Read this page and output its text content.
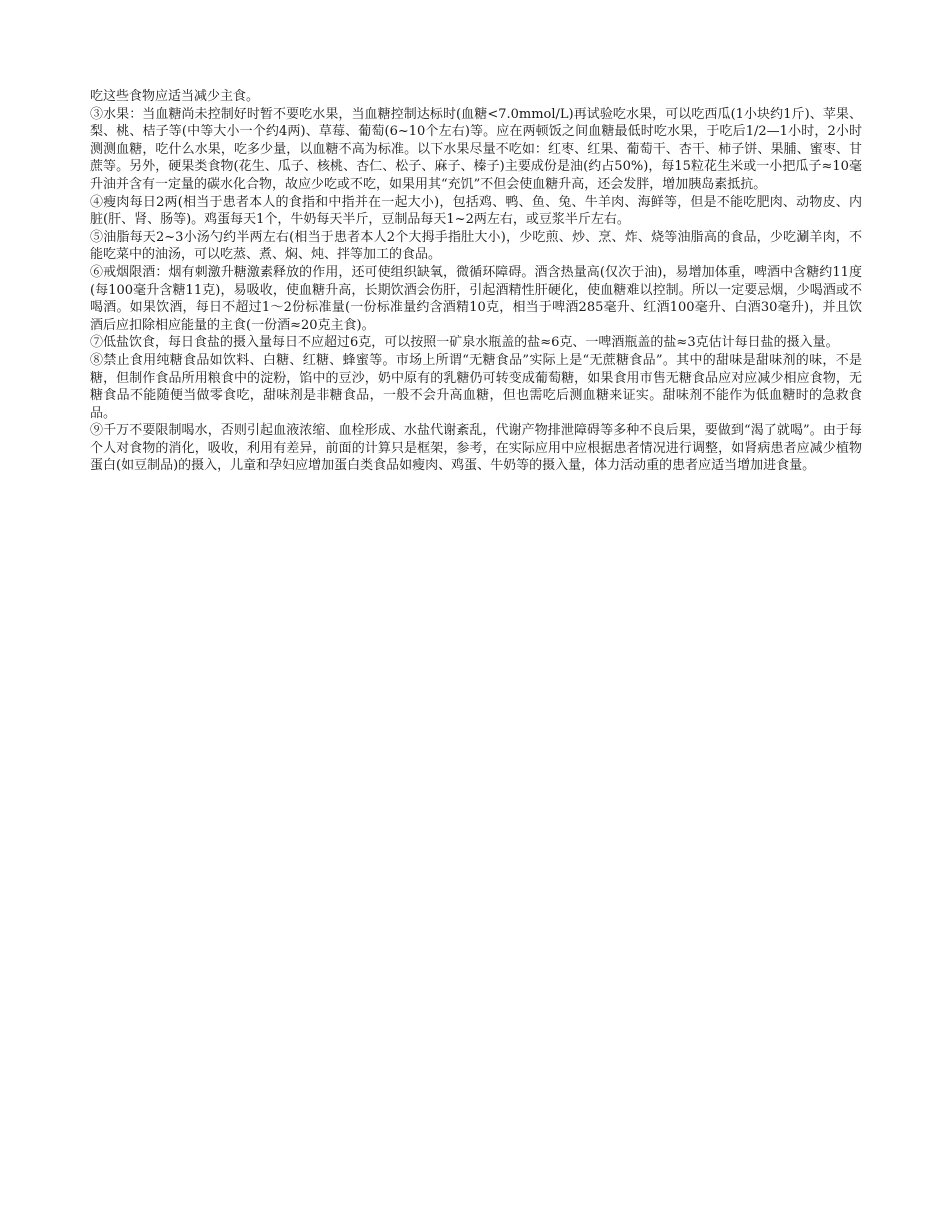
吃这些食物应适当减少主食。

③水果：当血糖尚未控制好时暂不要吃水果，当血糖控制达标时(血糖<7.0mmol/L)再试验吃水果，可以吃西瓜(1小块约1斤)、苹果、梨、桃、桔子等(中等大小一个约4两)、草莓、葡萄(6~10个左右)等。应在两顿饭之间血糖最低时吃水果，于吃后1/2—1小时，2小时测测血糖，吃什么水果，吃多少量，以血糖不高为标准。以下水果尽量不吃如：红枣、红果、葡萄干、杏干、柿子饼、果脯、蜜枣、甘蔗等。另外，硬果类食物(花生、瓜子、核桃、杏仁、松子、麻子、榛子)主要成份是油(约占50%)，每15粒花生米或一小把瓜子≈10毫升油并含有一定量的碳水化合物，故应少吃或不吃，如果用其“充饥”不但会使血糖升高，还会发胖，增加胰岛素抵抗。

④瘦肉每日2两(相当于患者本人的食指和中指并在一起大小)，包括鸡、鸭、鱼、兔、牛羊肉、海鲜等，但是不能吃肥肉、动物皮、内脏(肝、肾、肠等)。鸡蛋每天1个，牛奶每天半斤，豆制品每天1~2两左右，或豆浆半斤左右。

⑤油脂每天2~3小汤勺约半两左右(相当于患者本人2个大拇手指肚大小)，少吃煎、炒、烹、炸、烧等油脂高的食品，少吃涮羊肉，不能吃菜中的油汤，可以吃蒸、煮、焖、炖、拌等加工的食品。

⑥戒烟限酒：烟有刺激升糖激素释放的作用，还可使组织缺氧，微循环障碍。酒含热量高(仅次于油)，易增加体重，啤酒中含糖约11度(每100毫升含糖11克)，易吸收，使血糖升高，长期饮酒会伤肝，引起酒精性肝硬化，使血糖难以控制。所以一定要忌烟，少喝酒或不喝酒。如果饮酒，每日不超过1～2份标准量(一份标准量约含酒精10克，相当于啤酒285毫升、红酒100毫升、白酒30毫升)，并且饮酒后应扣除相应能量的主食(一份酒≈20克主食)。

⑦低盐饮食，每日食盐的摄入量每日不应超过6克，可以按照一矿泉水瓶盖的盐≈6克、一啤酒瓶盖的盐≈3克估计每日盐的摄入量。

⑧禁止食用纯糖食品如饮料、白糖、红糖、蜂蜜等。市场上所谓“无糖食品”实际上是“无蔗糖食品”。其中的甜味是甜味剂的味，不是糖，但制作食品所用粮食中的淀粉，馅中的豆沙，奶中原有的乳糖仍可转变成葡萄糖，如果食用市售无糖食品应对应减少相应食物，无糖食品不能随便当做零食吃，甜味剂是非糖食品，一般不会升高血糖，但也需吃后测血糖来证实。甜味剂不能作为低血糖时的急救食品。

⑨千万不要限制喝水，否则引起血液浓缩、血栓形成、水盐代谢紊乱，代谢产物排泄障碍等多种不良后果，要做到“渴了就喝”。由于每个人对食物的消化，吸收，利用有差异，前面的计算只是框架，参考，在实际应用中应根据患者情况进行调整，如肾病患者应减少植物蛋白(如豆制品)的摄入，儿童和孕妇应增加蛋白类食品如瘦肉、鸡蛋、牛奶等的摄入量，体力活动重的患者应适当增加进食量。
